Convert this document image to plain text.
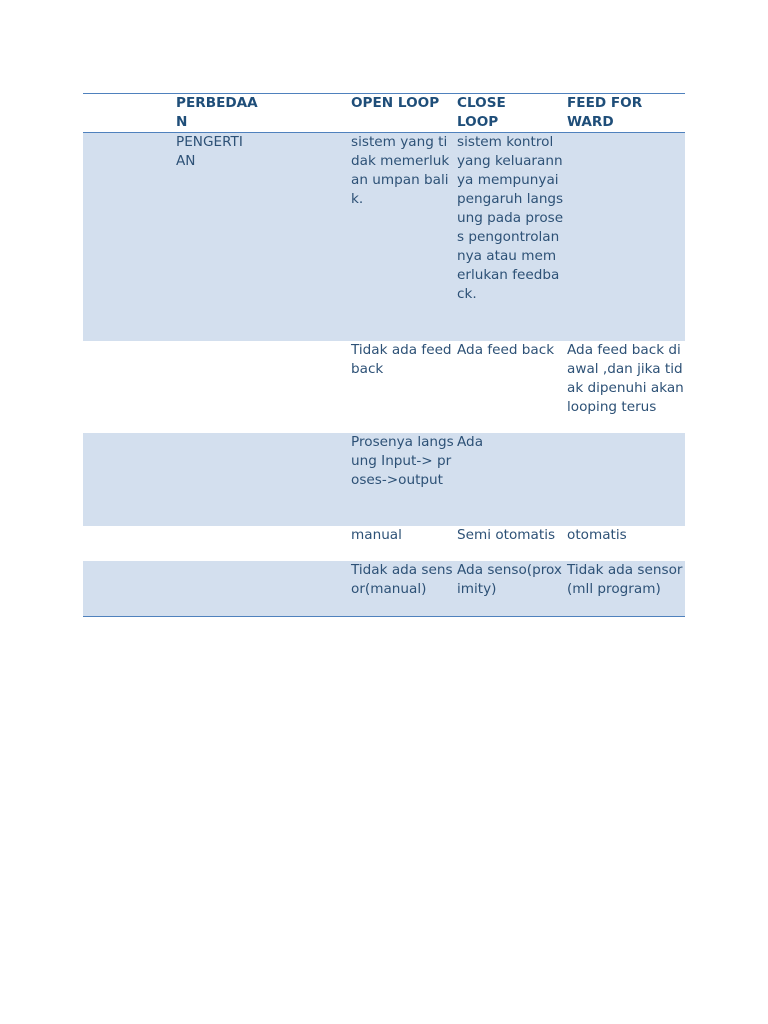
	PERBEDAAN	OPEN LOOP	CLOSE LOOP	FEED FORWARD

	PENGERTIAN	sistem yang tidak memerlukan umpan balik.	sistem kontrol yang keluarannya mempunyai pengaruh langsung pada proses pengontrolannya atau memerlukan feedback.	

		Tidak ada feed back	Ada feed back	Ada feed back diawal ,dan jika tidak dipenuhi akan looping terus

		Prosenya langsung Input-> proses->output	Ada	

		manual	Semi otomatis	otomatis

		Tidak ada sensor(manual)	Ada senso(proximity)	Tidak ada sensor(mll program)
